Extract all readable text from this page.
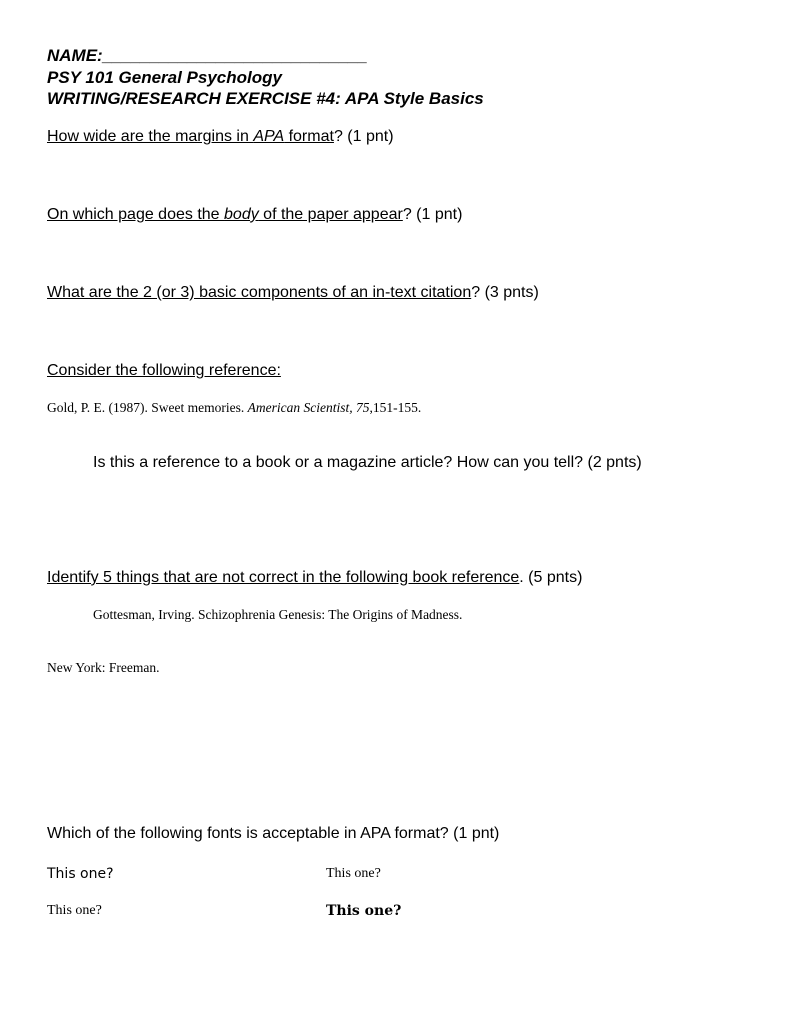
NAME:____________________________
PSY 101 General Psychology
WRITING/RESEARCH EXERCISE #4: APA Style Basics
How wide are the margins in APA format? (1 pnt)
On which page does the body of the paper appear? (1 pnt)
What are the 2 (or 3) basic components of an in-text citation? (3 pnts)
Consider the following reference:
Gold, P. E. (1987). Sweet memories. American Scientist, 75,151-155.
Is this a reference to a book or a magazine article? How can you tell? (2 pnts)
Identify 5 things that are not correct in the following book reference. (5 pnts)
Gottesman, Irving. Schizophrenia Genesis: The Origins of Madness.
New York: Freeman.
Which of the following fonts is acceptable in APA format? (1 pnt)
This one?	This one?
This one?	This one?
